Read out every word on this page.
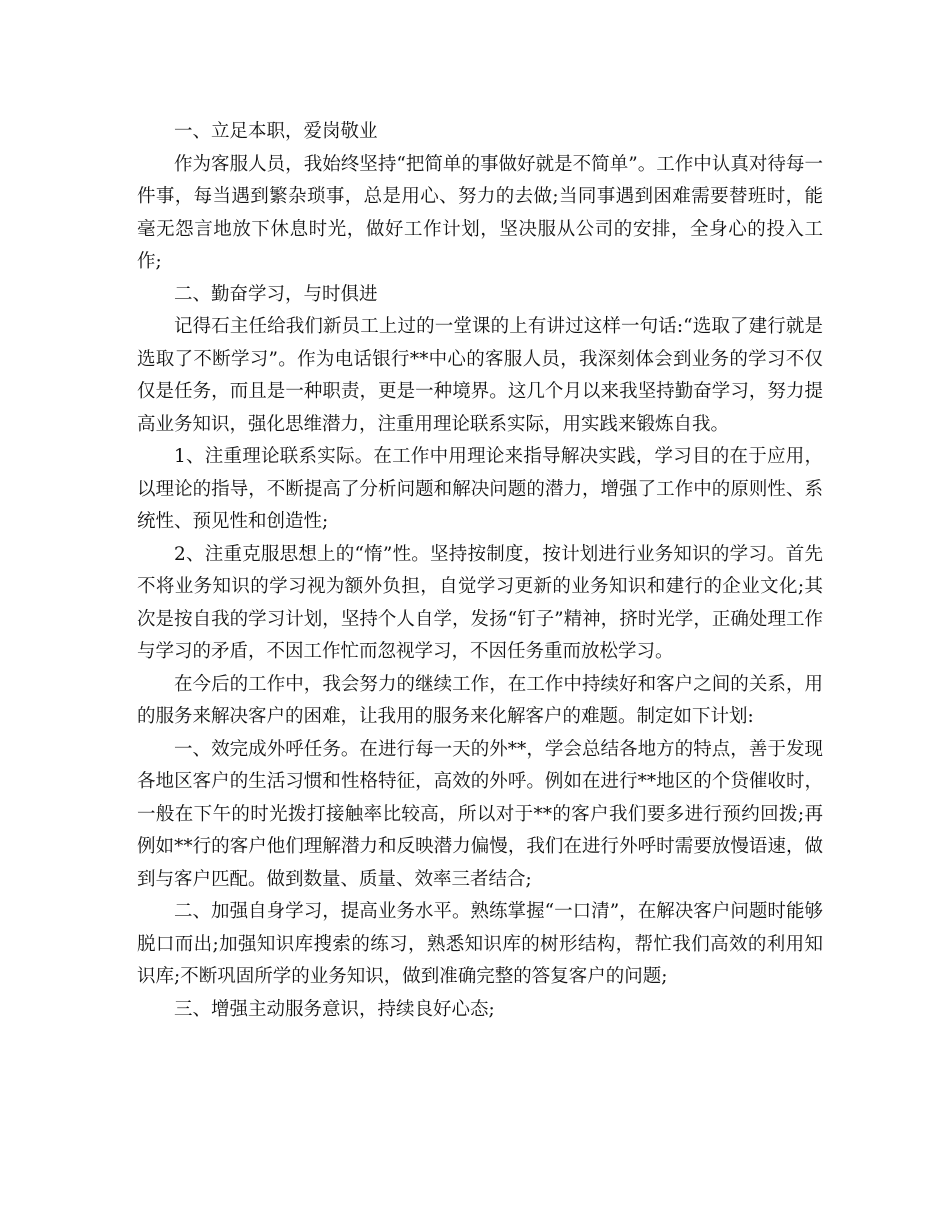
一、立足本职，爱岗敬业

作为客服人员，我始终坚持“把简单的事做好就是不简单”。工作中认真对待每一件事，每当遇到繁杂琐事，总是用心、努力的去做;当同事遇到困难需要替班时，能毫无怨言地放下休息时光，做好工作计划，坚决服从公司的安排，全身心的投入工作;

二、勤奋学习，与时俱进

记得石主任给我们新员工上过的一堂课的上有讲过这样一句话:“选取了建行就是选取了不断学习”。作为电话银行**中心的客服人员，我深刻体会到业务的学习不仅仅是任务，而且是一种职责，更是一种境界。这几个月以来我坚持勤奋学习，努力提高业务知识，强化思维潜力，注重用理论联系实际，用实践来锻炼自我。

1、注重理论联系实际。在工作中用理论来指导解决实践，学习目的在于应用，以理论的指导，不断提高了分析问题和解决问题的潜力，增强了工作中的原则性、系统性、预见性和创造性;

2、注重克服思想上的“惰”性。坚持按制度，按计划进行业务知识的学习。首先不将业务知识的学习视为额外负担，自觉学习更新的业务知识和建行的企业文化;其次是按自我的学习计划，坚持个人自学，发扬“钉子”精神，挤时光学，正确处理工作与学习的矛盾，不因工作忙而忽视学习，不因任务重而放松学习。

在今后的工作中，我会努力的继续工作，在工作中持续好和客户之间的关系，用的服务来解决客户的困难，让我用的服务来化解客户的难题。制定如下计划:

一、效完成外呼任务。在进行每一天的外**，学会总结各地方的特点，善于发现各地区客户的生活习惯和性格特征，高效的外呼。例如在进行**地区的个贷催收时，一般在下午的时光拨打接触率比较高，所以对于**的客户我们要多进行预约回拨;再例如**行的客户他们理解潜力和反映潜力偏慢，我们在进行外呼时需要放慢语速，做到与客户匹配。做到数量、质量、效率三者结合;

二、加强自身学习，提高业务水平。熟练掌握“一口清”，在解决客户问题时能够脱口而出;加强知识库搜索的练习，熟悉知识库的树形结构，帮忙我们高效的利用知识库;不断巩固所学的业务知识，做到准确完整的答复客户的问题;

三、增强主动服务意识，持续良好心态;
